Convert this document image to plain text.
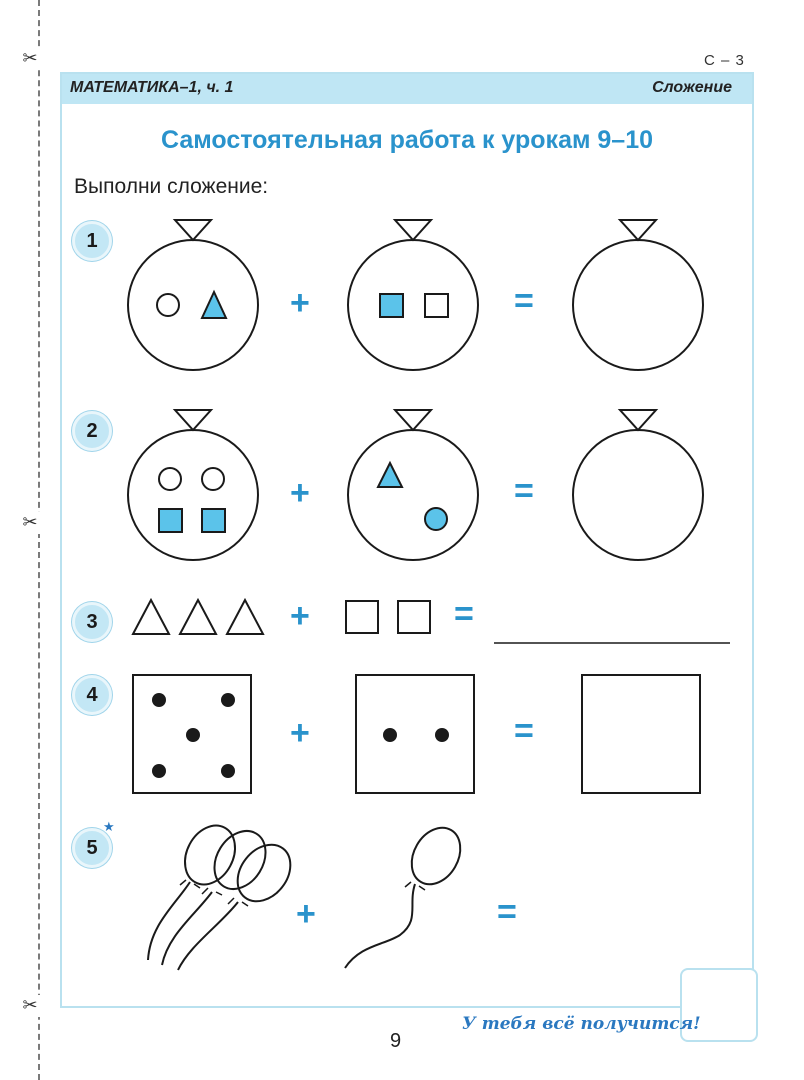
✂
✂
✂
С – 3
МАТЕМАТИКА–1, ч. 1	Сложение
Самостоятельная работа к урокам 9–10
Выполни сложение:
1
2
3
4
5
★
+	=
+	=
+	=
+	=
+	=
У тебя всё получится!
9
